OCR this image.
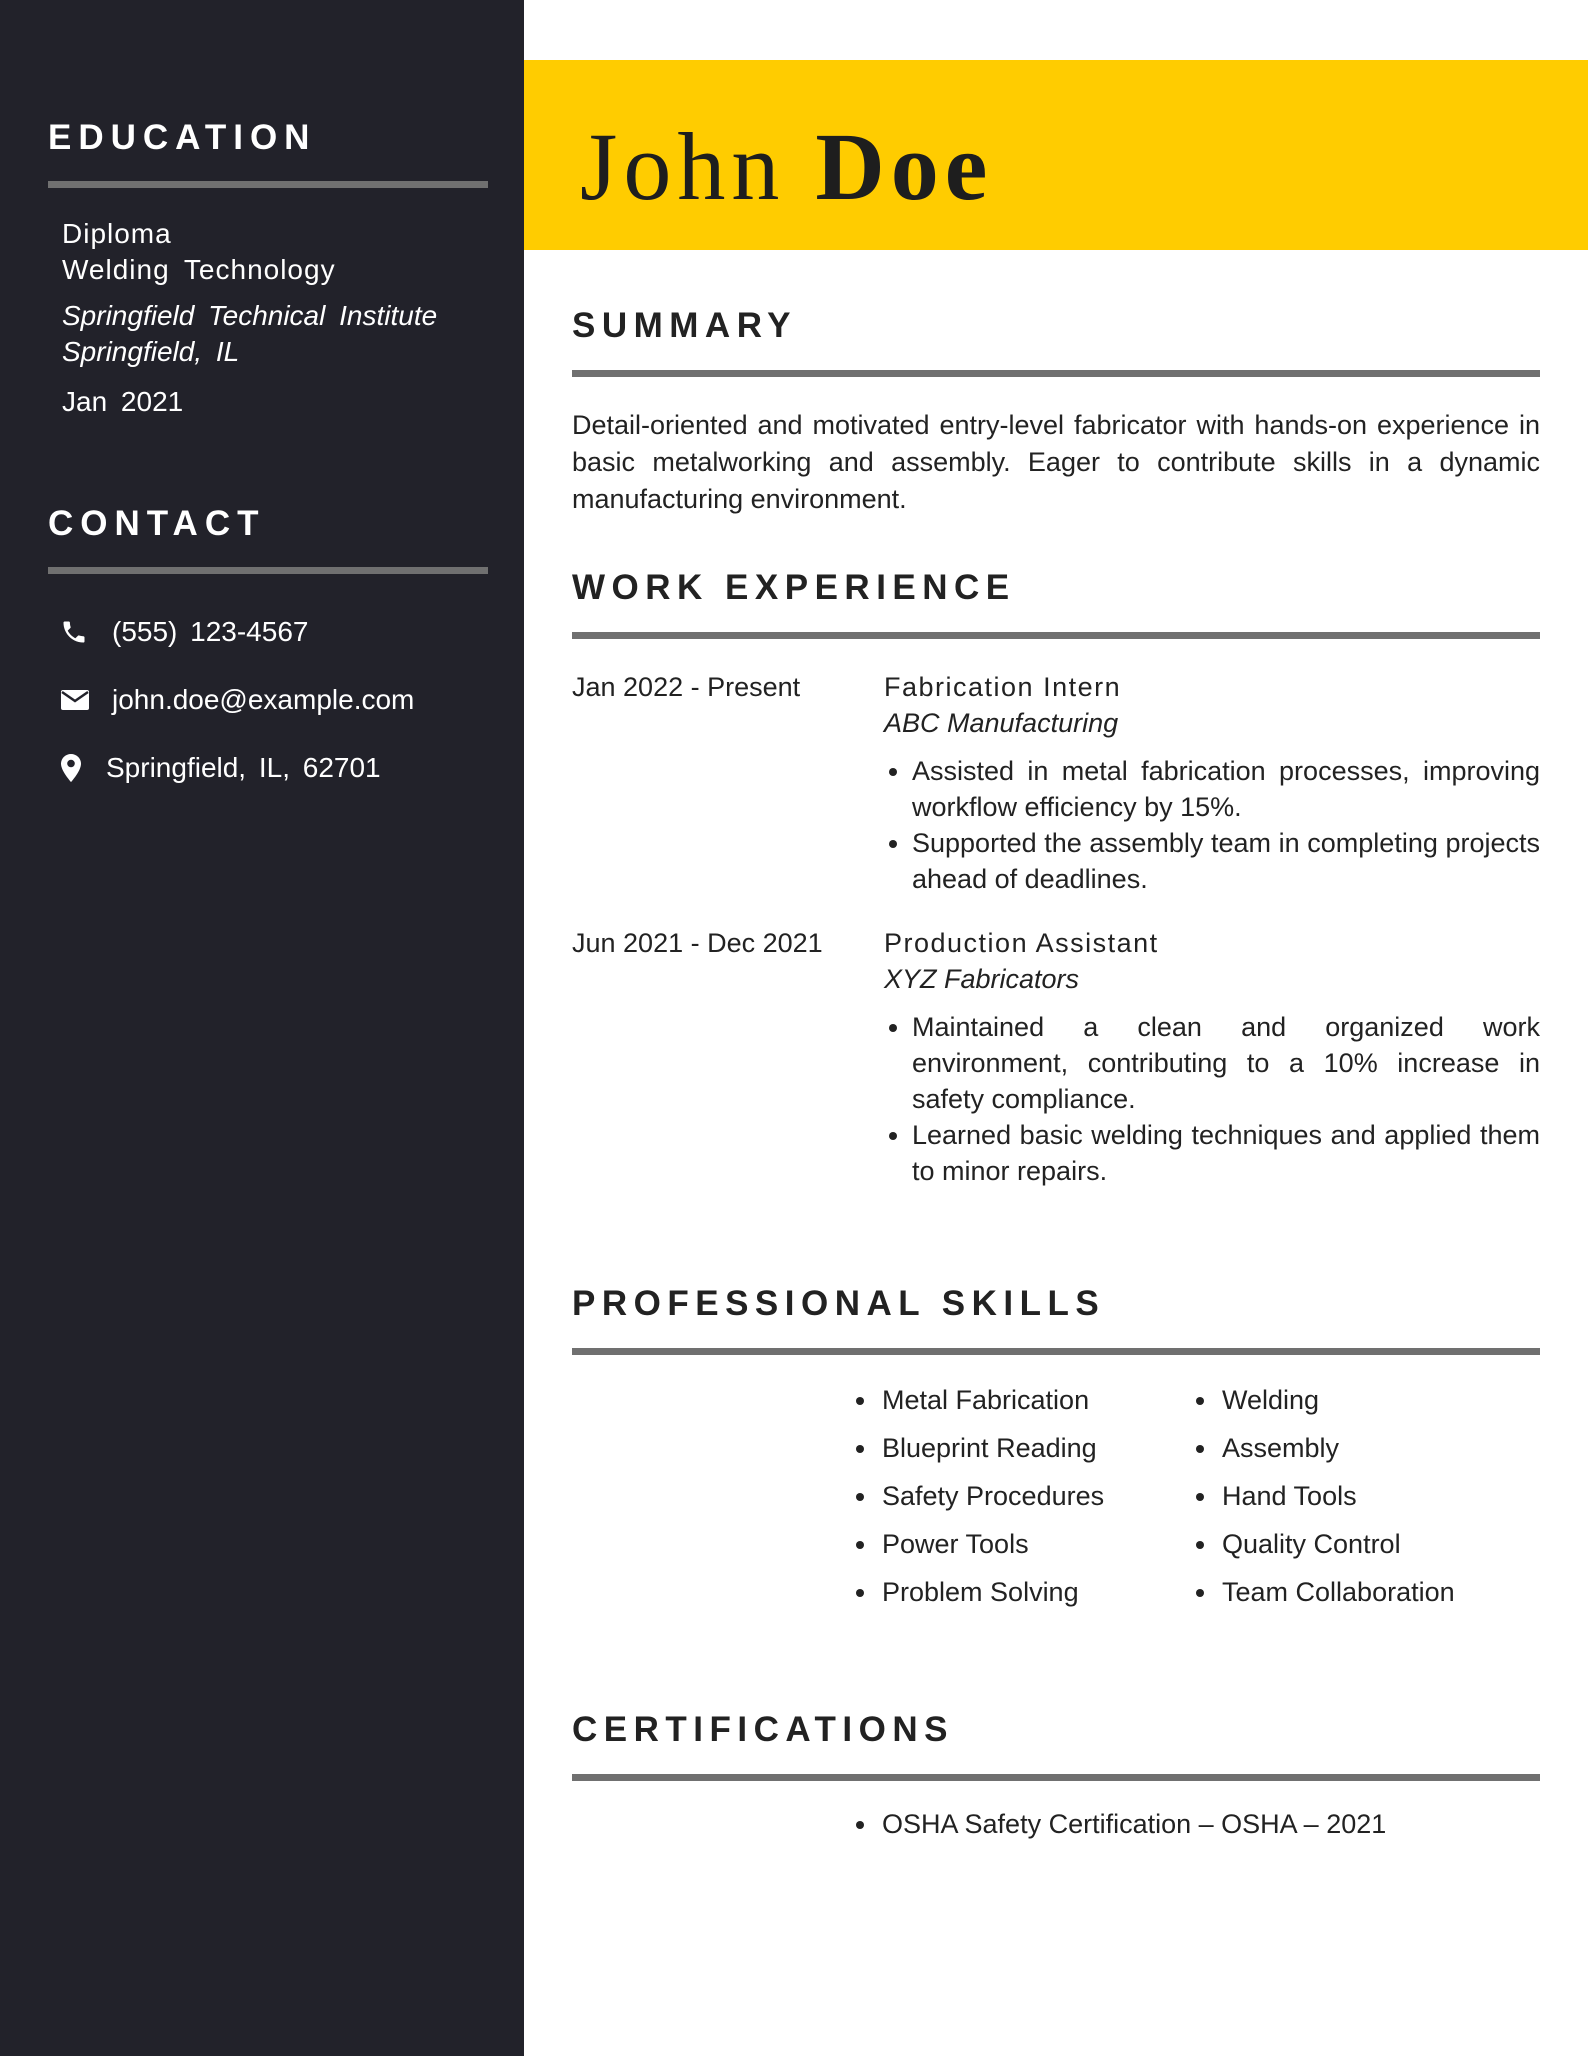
EDUCATION
Diploma
Welding Technology
Springfield Technical Institute
Springfield, IL
Jan 2021
CONTACT
(555) 123-4567
john.doe@example.com
Springfield, IL, 62701
John Doe
SUMMARY

Detail-oriented and motivated entry-level fabricator with hands-on experience in basic metalworking and assembly. Eager to contribute skills in a dynamic manufacturing environment.

WORK EXPERIENCE
Jan 2022 - Present	Fabrication Intern
ABC Manufacturing
• Assisted in metal fabrication processes, improving workflow efficiency by 15%.
• Supported the assembly team in completing projects ahead of deadlines.
Jun 2021 - Dec 2021	Production Assistant
XYZ Fabricators
• Maintained a clean and organized work environment, contributing to a 10% increase in safety compliance.
• Learned basic welding techniques and applied them to minor repairs.
PROFESSIONAL SKILLS
Metal Fabrication	Welding
Blueprint Reading	Assembly
Safety Procedures	Hand Tools
Power Tools	Quality Control
Problem Solving	Team Collaboration
CERTIFICATIONS
OSHA Safety Certification – OSHA – 2021
